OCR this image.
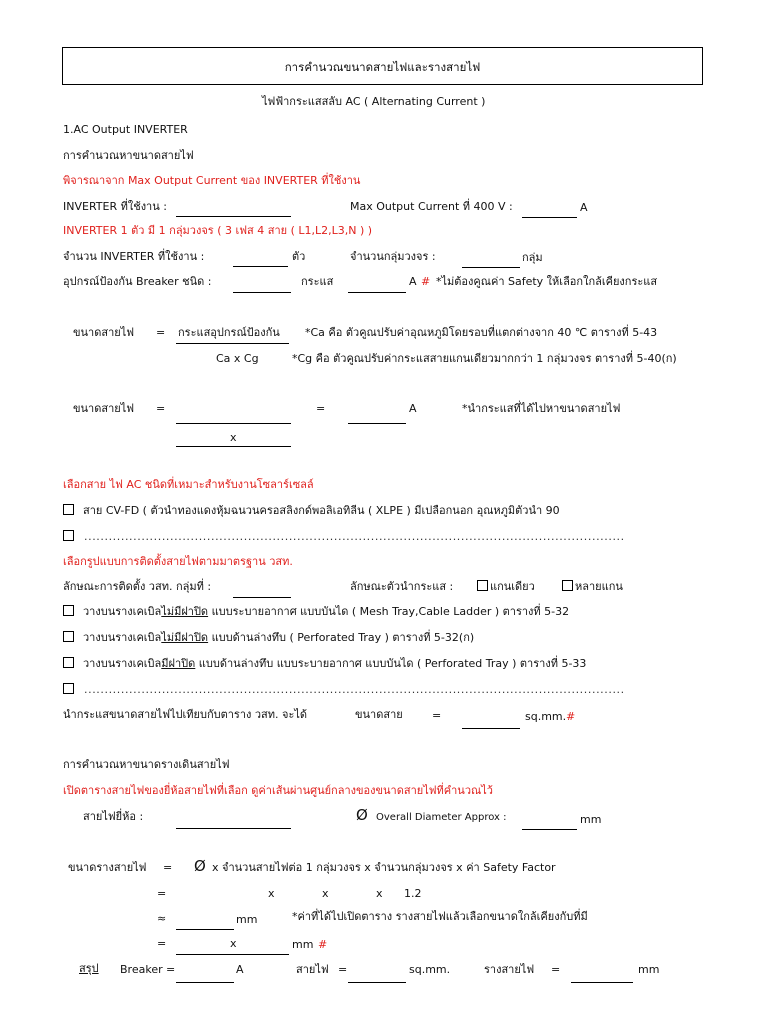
การคำนวณขนาดสายไฟและรางสายไฟ
ไฟฟ้ากระแสสลับ AC ( Alternating Current )
1.AC Output INVERTER
การคำนวณหาขนาดสายไฟ
พิจารณาจาก Max Output Current ของ INVERTER ที่ใช้งาน
INVERTER ที่ใช้งาน :	Max Output Current ที่ 400 V :	A
INVERTER 1 ตัว มี 1 กลุ่มวงจร ( 3 เฟส 4 สาย ( L1,L2,L3,N ) )
จำนวน INVERTER ที่ใช้งาน :	ตัว	จำนวนกลุ่มวงจร :	กลุ่ม
อุปกรณ์ป้องกัน Breaker ชนิด :	กระแส	A # *ไม่ต้องคูณค่า Safety ให้เลือกใกล้เคียงกระแส
ขนาดสายไฟ = กระแสอุปกรณ์ป้องกัน *Ca คือ ตัวคูณปรับค่าอุณหภูมิโดยรอบที่แตกต่างจาก 40 ℃ ตารางที่ 5-43
Ca x Cg	*Cg คือ ตัวคูณปรับค่ากระแสสายแกนเดียวมากกว่า 1 กลุ่มวงจร ตารางที่ 5-40(ก)
ขนาดสายไฟ =	=	A	*นำกระแสที่ได้ไปหาขนาดสายไฟ
x
เลือกสาย ไฟ AC ชนิดที่เหมาะสำหรับงานโซลาร์เซลล์
สาย CV-FD ( ตัวนำทองแดงหุ้มฉนวนครอสลิงกด์พอลิเอทิลีน ( XLPE ) มีเปลือกนอก อุณหภูมิตัวนำ 90
....................................................................................................................................
เลือกรูปแบบการติดตั้งสายไฟตามมาตรฐาน วสท.
ลักษณะการติดตั้ง วสท. กลุ่มที่ :	ลักษณะตัวนำกระแส :	แกนเดียว	หลายแกน
วางบนรางเคเบิลไม่มีฝาปิด แบบระบายอากาศ แบบบันได ( Mesh Tray,Cable Ladder ) ตารางที่ 5-32
วางบนรางเคเบิลไม่มีฝาปิด แบบด้านล่างทึบ ( Perforated Tray ) ตารางที่ 5-32(ก)
วางบนรางเคเบิลมีฝาปิด แบบด้านล่างทึบ แบบระบายอากาศ แบบบันได ( Perforated Tray ) ตารางที่ 5-33
....................................................................................................................................
นำกระแสขนาดสายไฟไปเทียบกับตาราง วสท. จะได้	ขนาดสาย	=	sq.mm. #
การคำนวณหาขนาดรางเดินสายไฟ
เปิดตารางสายไฟของยี่ห้อสายไฟที่เลือก ดูค่าเส้นผ่านศูนย์กลางของขนาดสายไฟที่คำนวณไว้
สายไฟยี่ห้อ :	Ø Overall Diameter Approx :	mm
ขนาดรางสายไฟ = Ø x จำนวนสายไฟต่อ 1 กลุ่มวงจร x จำนวนกลุ่มวงจร x ค่า Safety Factor
=	x	x	x 1.2
≈	mm	*ค่าที่ได้ไปเปิดตาราง รางสายไฟแล้วเลือกขนาดใกล้เคียงกับที่มี
=	x	mm #
สรุป Breaker =	A	สายไฟ =	sq.mm.	รางสายไฟ =	mm
